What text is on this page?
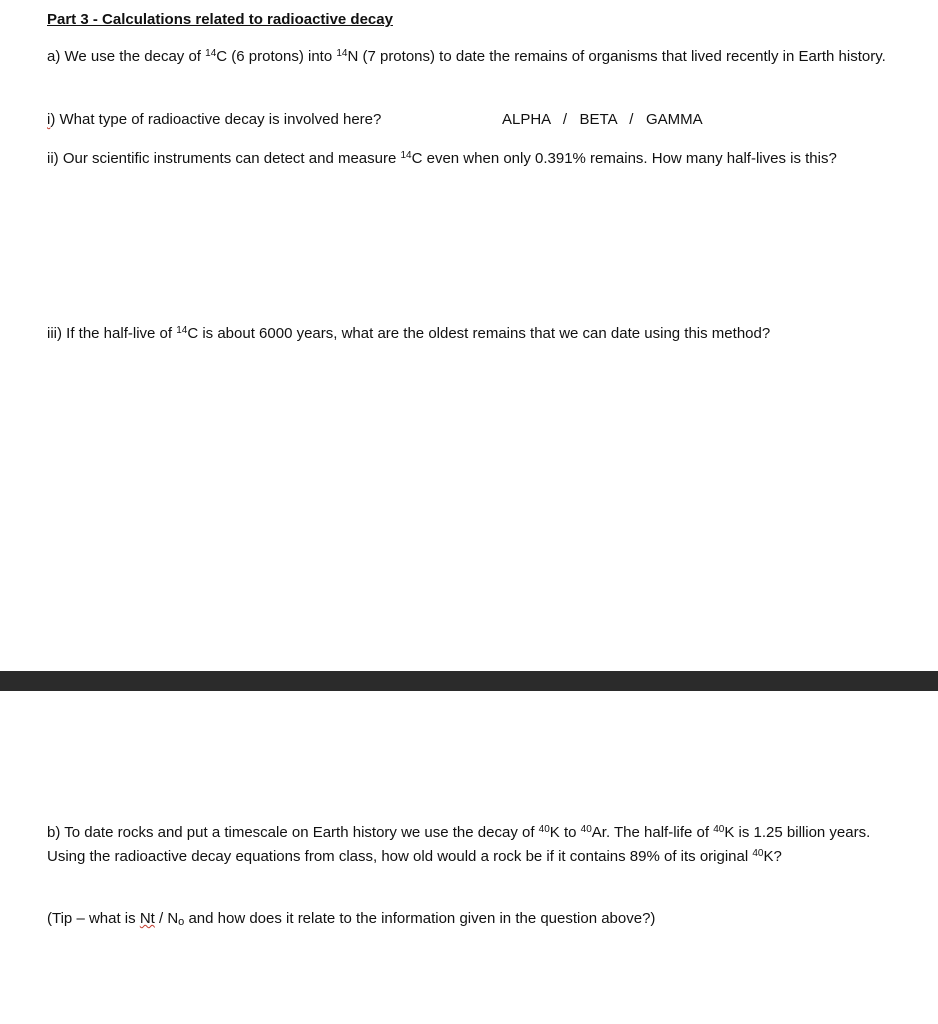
Part 3 - Calculations related to radioactive decay
a) We use the decay of $^{14}$C (6 protons) into $^{14}$N (7 protons) to date the remains of organisms that lived recently in Earth history.
i) What type of radioactive decay is involved here?	ALPHA   /   BETA   /   GAMMA
ii) Our scientific instruments can detect and measure $^{14}$C even when only 0.391% remains. How many half-lives is this?
iii) If the half-live of $^{14}$C is about 6000 years, what are the oldest remains that we can date using this method?
b) To date rocks and put a timescale on Earth history we use the decay of $^{40}$K to $^{40}$Ar. The half-life of $^{40}$K is 1.25 billion years. Using the radioactive decay equations from class, how old would a rock be if it contains 89% of its original $^{40}$K?
(Tip – what is Nt / No and how does it relate to the information given in the question above?)
